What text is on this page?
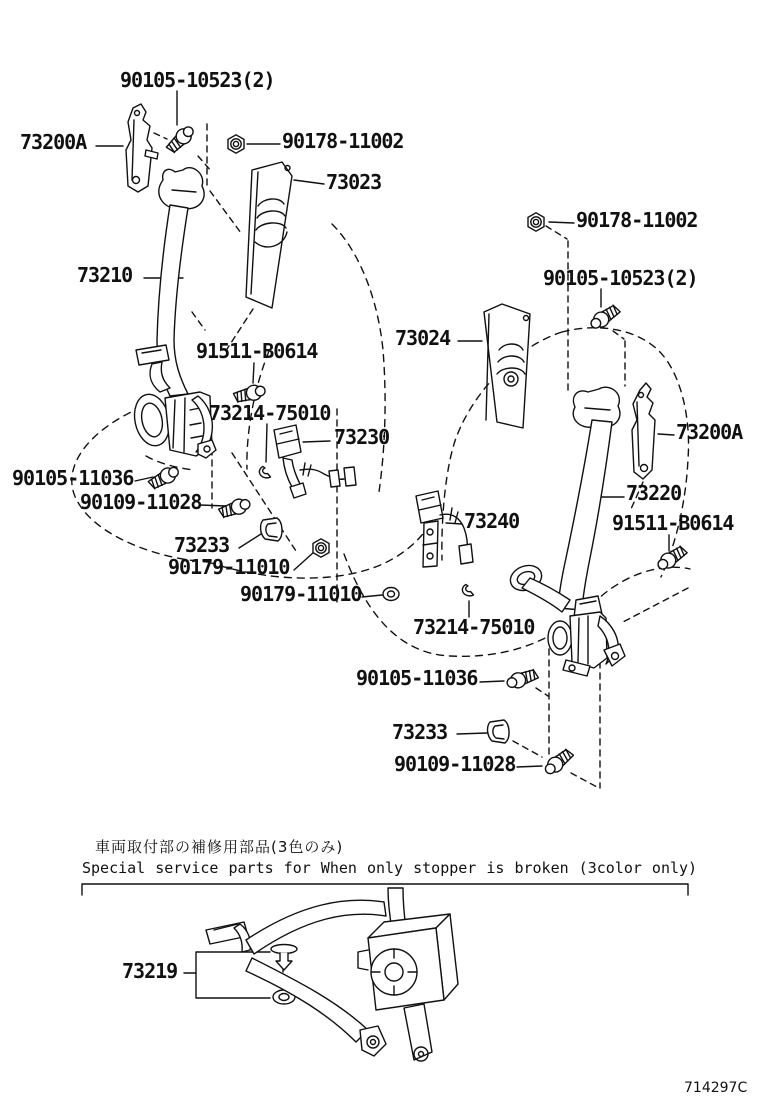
90105-10523(2)
73200A	90178-11002
73023
73210
91511-B0614
73214-75010
73230
90105-11036
90109-11028
73233
90179-11010
90179-11010
90178-11002
90105-10523(2)
73024
73200A
73220
73240	91511-B0614
73214-75010
90105-11036
73233
90109-11028
73219
車両取付部の補修用部品(3色のみ)
Special service parts for When only stopper is broken (3color only)
714297C
